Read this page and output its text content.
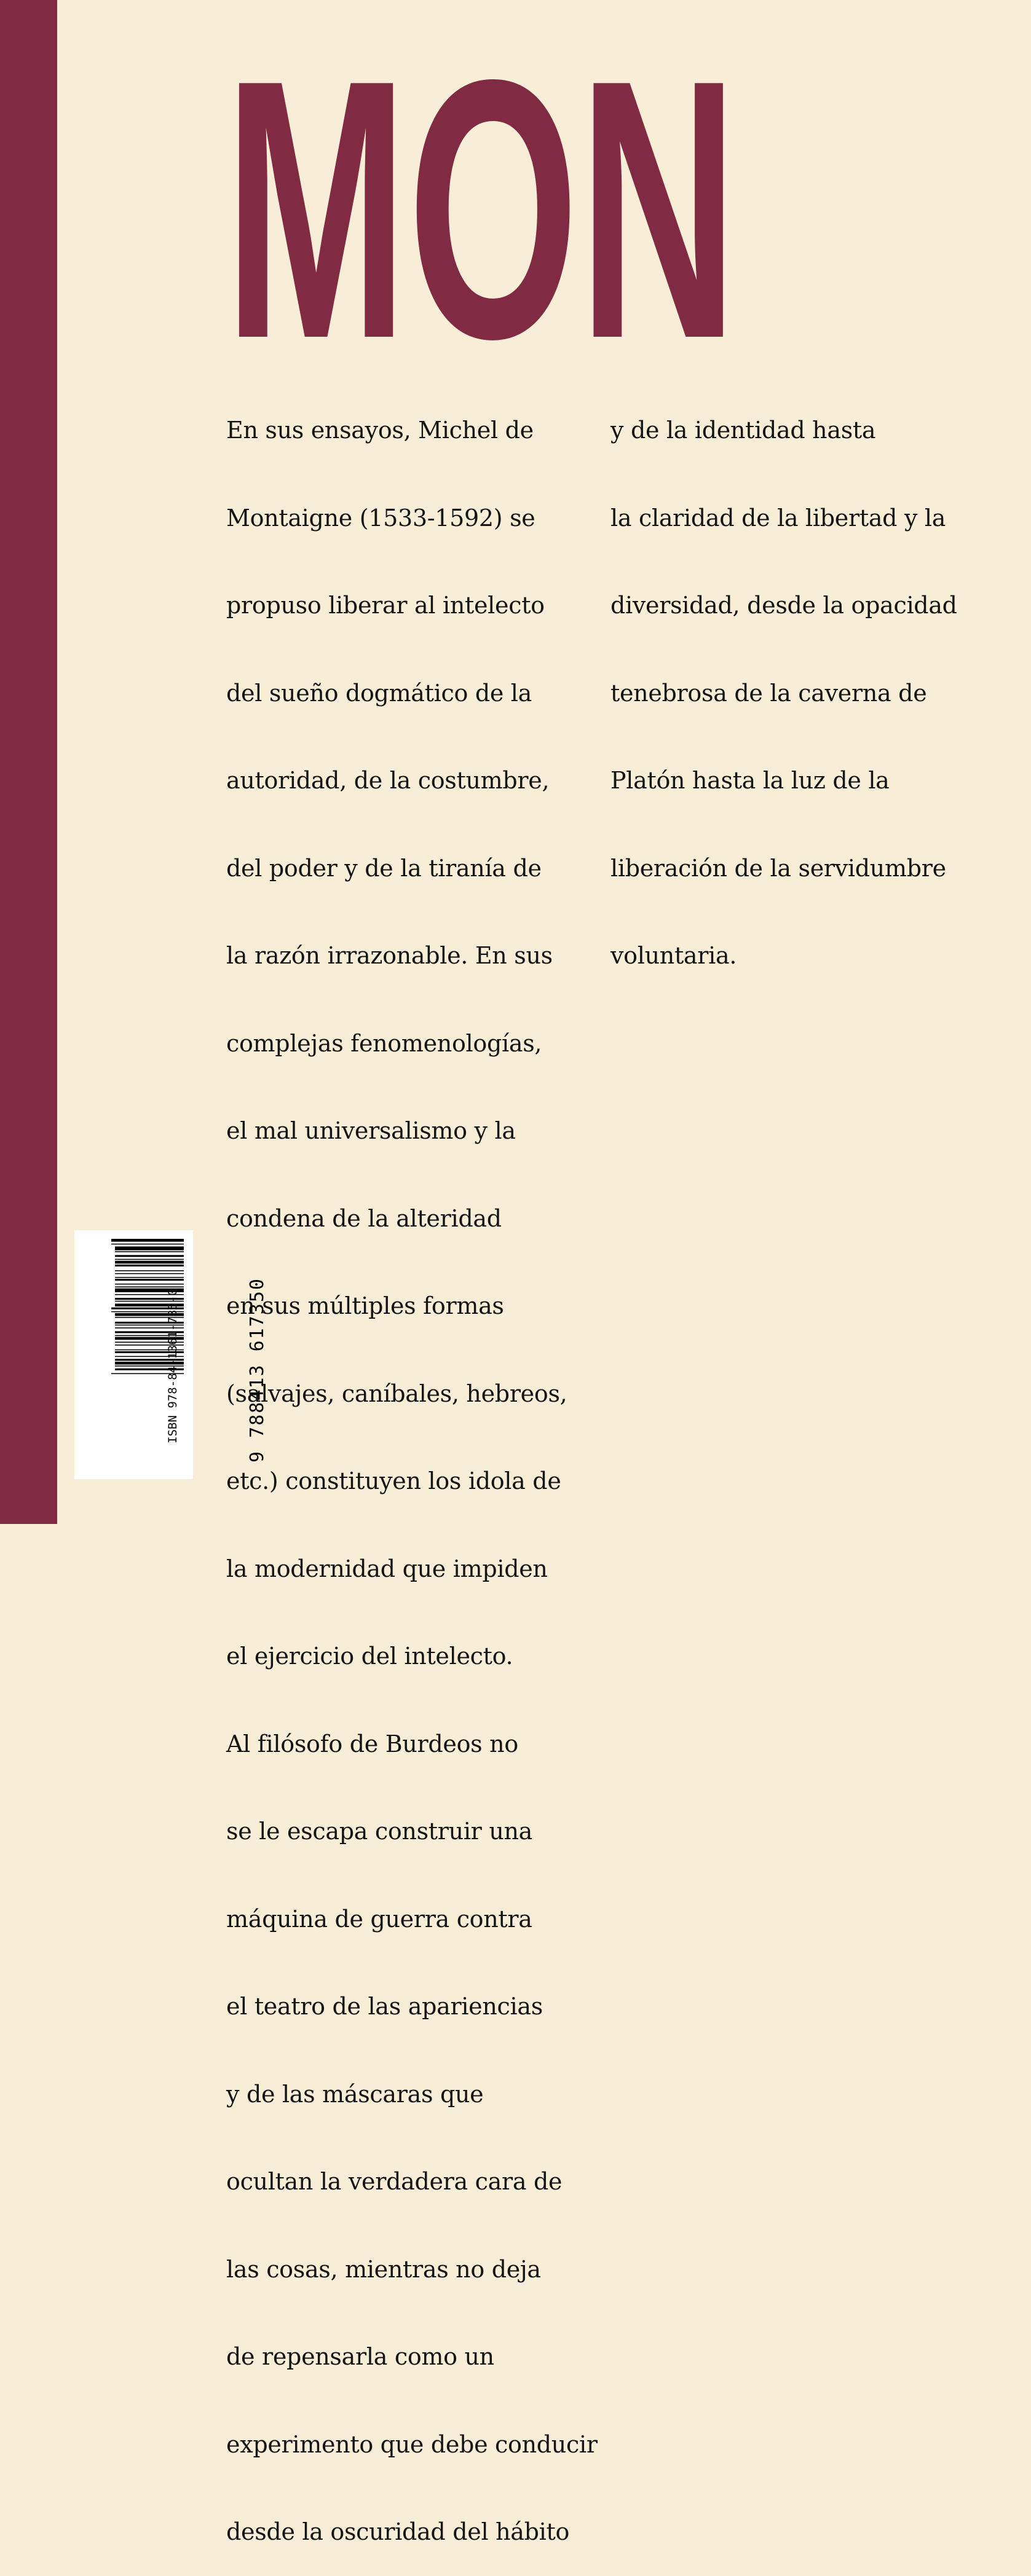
MON

En sus ensayos, Michel de

Montaigne (1533-1592) se

propuso liberar al intelecto

del sueño dogmático de la

autoridad, de la costumbre,

del poder y de la tiranía de

la razón irrazonable. En sus

complejas fenomenologías,

el mal universalismo y la

condena de la alteridad

en sus múltiples formas

(salvajes, caníbales, hebreos,

etc.) constituyen los idola de

la modernidad que impiden

el ejercicio del intelecto.

Al filósofo de Burdeos no

se le escapa construir una

máquina de guerra contra

el teatro de las apariencias

y de las máscaras que

ocultan la verdadera cara de

las cosas, mientras no deja

de repensarla como un

experimento que debe conducir

desde la oscuridad del hábito

y de la identidad hasta

la claridad de la libertad y la

diversidad, desde la opacidad

tenebrosa de la caverna de

Platón hasta la luz de la

liberación de la servidumbre

voluntaria.

ISBN 978-84-1361-735-0	9 788413 617350
